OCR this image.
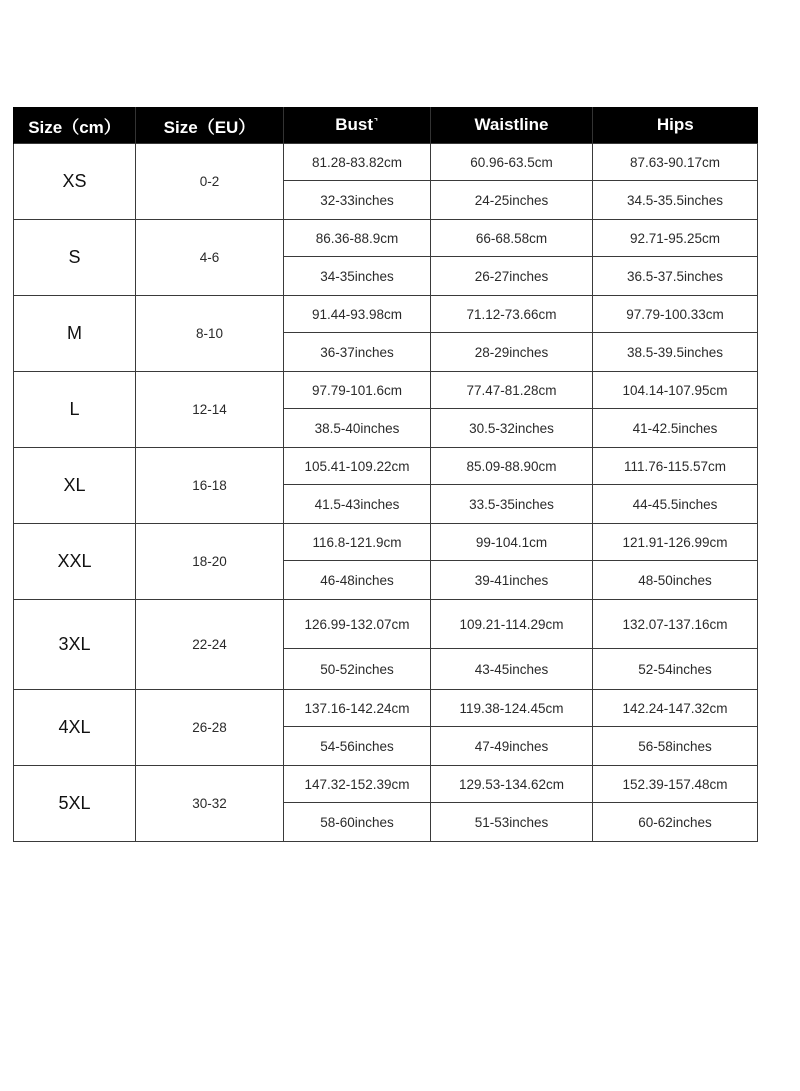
Size（cm）	Size（EU）	Bust˺	Waistline	Hips
XS	0-2	81.28-83.82cm	60.96-63.5cm	87.63-90.17cm
		32-33inches	24-25inches	34.5-35.5inches
S	4-6	86.36-88.9cm	66-68.58cm	92.71-95.25cm
		34-35inches	26-27inches	36.5-37.5inches
M	8-10	91.44-93.98cm	71.12-73.66cm	97.79-100.33cm
		36-37inches	28-29inches	38.5-39.5inches
L	12-14	97.79-101.6cm	77.47-81.28cm	104.14-107.95cm
		38.5-40inches	30.5-32inches	41-42.5inches
XL	16-18	105.41-109.22cm	85.09-88.90cm	111.76-115.57cm
		41.5-43inches	33.5-35inches	44-45.5inches
XXL	18-20	116.8-121.9cm	99-104.1cm	121.91-126.99cm
		46-48inches	39-41inches	48-50inches
3XL	22-24	126.99-132.07cm	109.21-114.29cm	132.07-137.16cm
		50-52inches	43-45inches	52-54inches
4XL	26-28	137.16-142.24cm	119.38-124.45cm	142.24-147.32cm
		54-56inches	47-49inches	56-58inches
5XL	30-32	147.32-152.39cm	129.53-134.62cm	152.39-157.48cm
		58-60inches	51-53inches	60-62inches
